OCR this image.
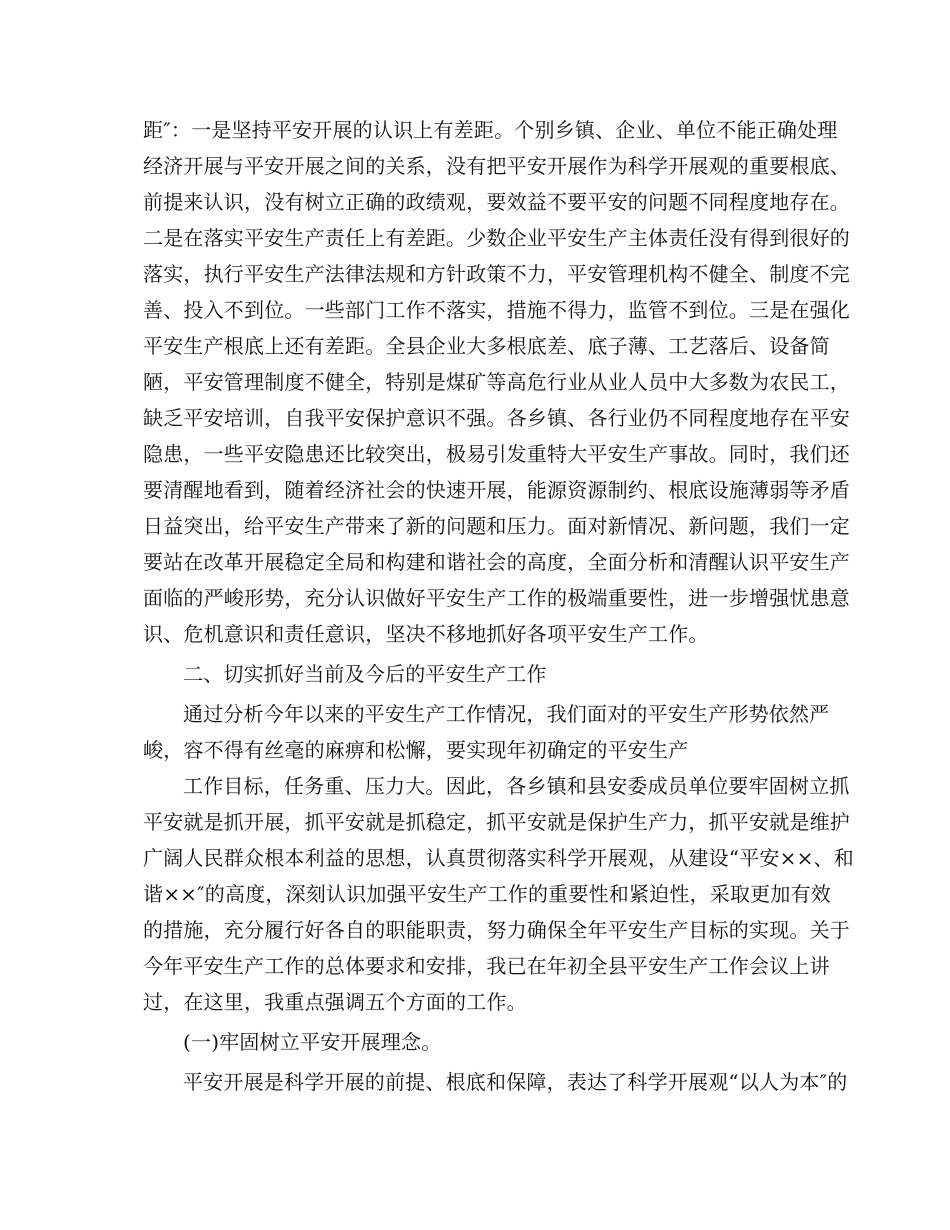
距″：一是坚持平安开展的认识上有差距。个别乡镇、企业、单位不能正确处理
经济开展与平安开展之间的关系，没有把平安开展作为科学开展观的重要根底、
前提来认识，没有树立正确的政绩观，要效益不要平安的问题不同程度地存在。
二是在落实平安生产责任上有差距。少数企业平安生产主体责任没有得到很好的
落实，执行平安生产法律法规和方针政策不力，平安管理机构不健全、制度不完
善、投入不到位。一些部门工作不落实，措施不得力，监管不到位。三是在强化
平安生产根底上还有差距。全县企业大多根底差、底子薄、工艺落后、设备简
陋，平安管理制度不健全，特别是煤矿等高危行业从业人员中大多数为农民工，
缺乏平安培训，自我平安保护意识不强。各乡镇、各行业仍不同程度地存在平安
隐患，一些平安隐患还比较突出，极易引发重特大平安生产事故。同时，我们还
要清醒地看到，随着经济社会的快速开展，能源资源制约、根底设施薄弱等矛盾
日益突出，给平安生产带来了新的问题和压力。面对新情况、新问题，我们一定
要站在改革开展稳定全局和构建和谐社会的高度，全面分析和清醒认识平安生产
面临的严峻形势，充分认识做好平安生产工作的极端重要性，进一步增强忧患意
识、危机意识和责任意识，坚决不移地抓好各项平安生产工作。
二、切实抓好当前及今后的平安生产工作
通过分析今年以来的平安生产工作情况，我们面对的平安生产形势依然严
峻，容不得有丝毫的麻痹和松懈，要实现年初确定的平安生产
工作目标，任务重、压力大。因此，各乡镇和县安委成员单位要牢固树立抓
平安就是抓开展，抓平安就是抓稳定，抓平安就是保护生产力，抓平安就是维护
广阔人民群众根本利益的思想，认真贯彻落实科学开展观，从建设“平安××、和
谐××″的高度，深刻认识加强平安生产工作的重要性和紧迫性，采取更加有效
的措施，充分履行好各自的职能职责，努力确保全年平安生产目标的实现。关于
今年平安生产工作的总体要求和安排，我已在年初全县平安生产工作会议上讲
过，在这里，我重点强调五个方面的工作。
(一)牢固树立平安开展理念。
平安开展是科学开展的前提、根底和保障，表达了科学开展观“以人为本″的
